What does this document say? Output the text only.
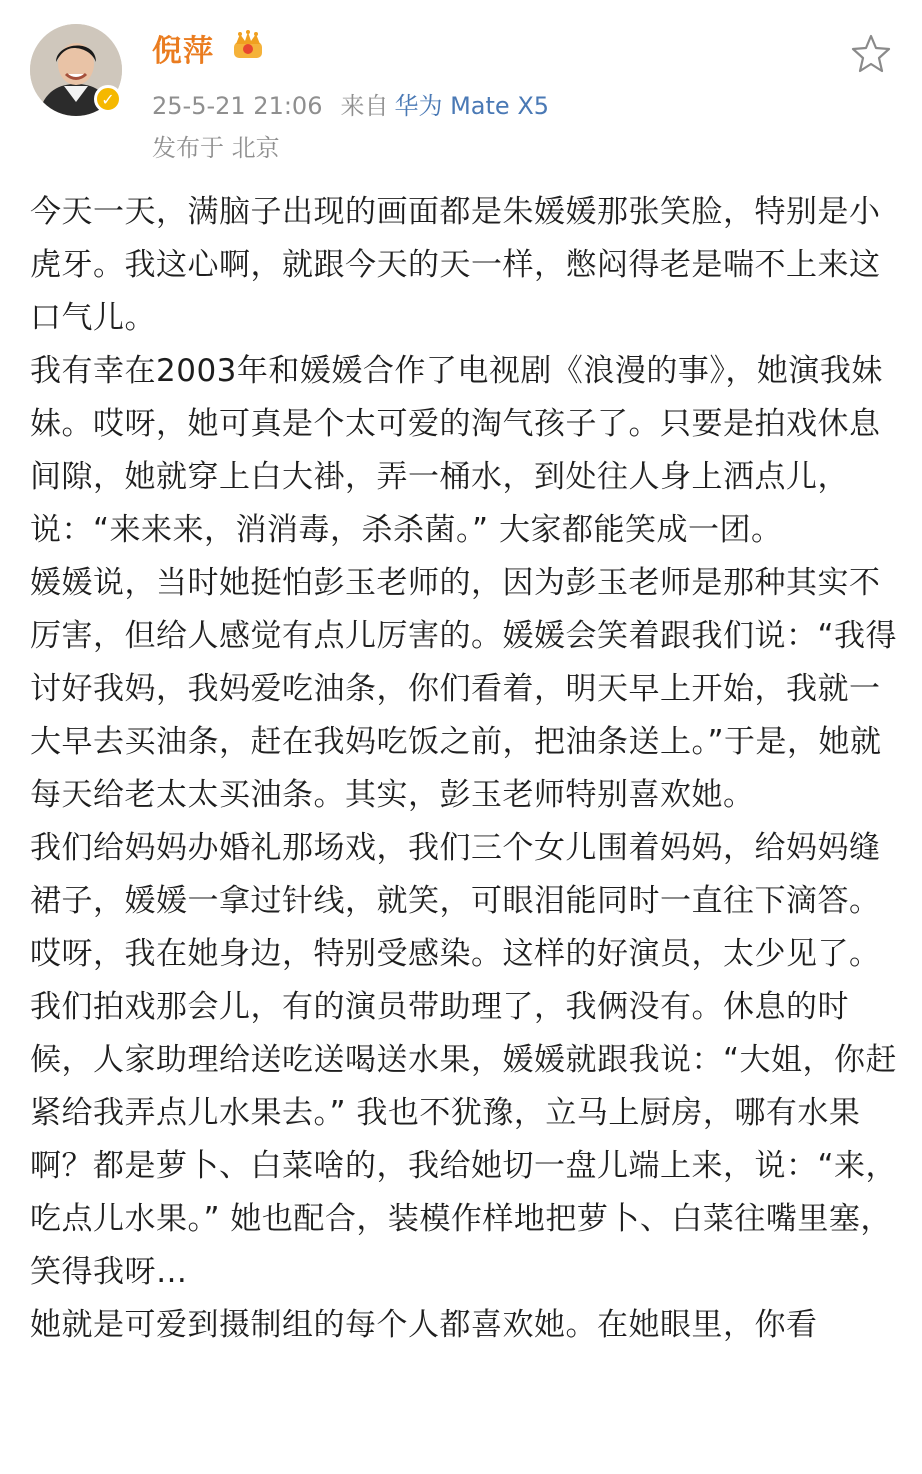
✓
倪萍
25-5-21 21:06 来自 华为 Mate X5
发布于 北京

今天一天，满脑子出现的画面都是朱媛媛那张笑脸，特别是小虎牙。我这心啊，就跟今天的天一样，憋闷得老是喘不上来这口气儿。

我有幸在2003年和媛媛合作了电视剧《浪漫的事》，她演我妹妹。哎呀，她可真是个太可爱的淘气孩子了。只要是拍戏休息间隙，她就穿上白大褂，弄一桶水，到处往人身上洒点儿，说：“来来来，消消毒，杀杀菌。” 大家都能笑成一团。

媛媛说，当时她挺怕彭玉老师的，因为彭玉老师是那种其实不厉害，但给人感觉有点儿厉害的。媛媛会笑着跟我们说：“我得讨好我妈，我妈爱吃油条，你们看着，明天早上开始，我就一大早去买油条，赶在我妈吃饭之前，把油条送上。”于是，她就每天给老太太买油条。其实，彭玉老师特别喜欢她。

我们给妈妈办婚礼那场戏，我们三个女儿围着妈妈，给妈妈缝裙子，媛媛一拿过针线，就笑，可眼泪能同时一直往下滴答。哎呀，我在她身边，特别受感染。这样的好演员，太少见了。

我们拍戏那会儿，有的演员带助理了，我俩没有。休息的时候，人家助理给送吃送喝送水果，媛媛就跟我说：“大姐，你赶紧给我弄点儿水果去。” 我也不犹豫，立马上厨房，哪有水果啊？都是萝卜、白菜啥的，我给她切一盘儿端上来，说：“来，吃点儿水果。” 她也配合，装模作样地把萝卜、白菜往嘴里塞，笑得我呀…

她就是可爱到摄制组的每个人都喜欢她。在她眼里，你看
